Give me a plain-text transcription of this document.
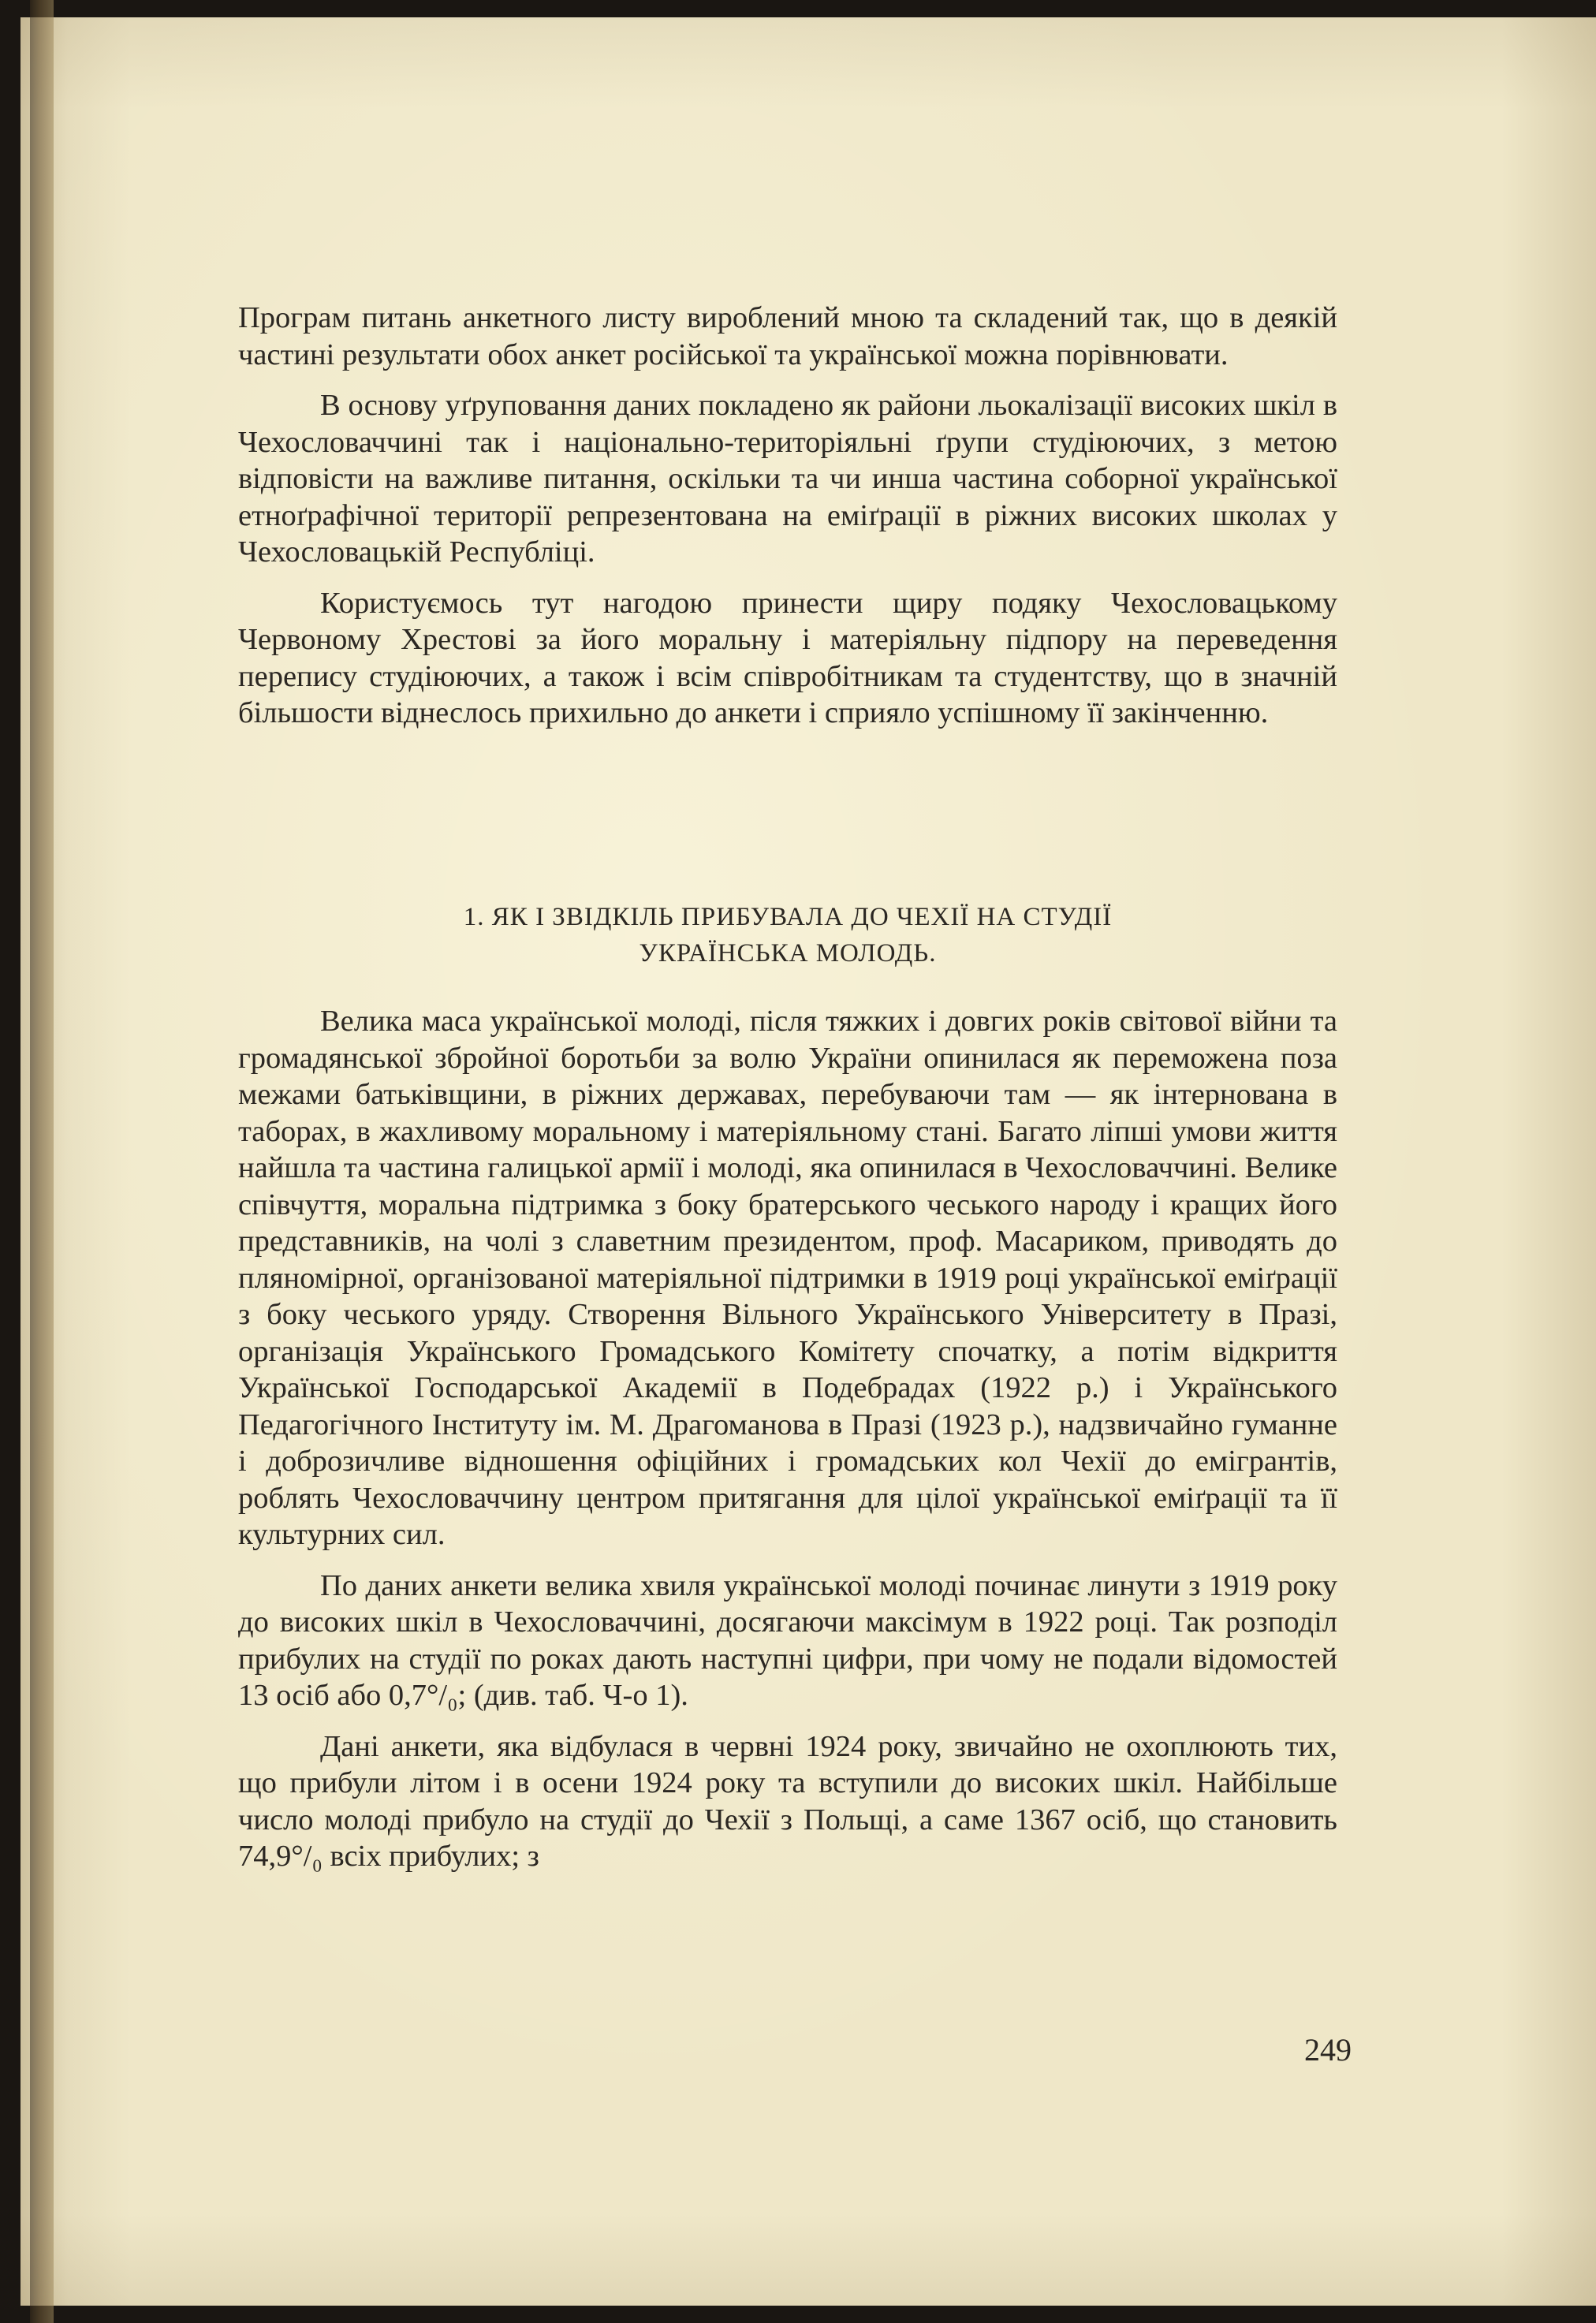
Програм питань анкетного листу вироблений мною та складений так, що в деякій частині результати обох анкет російської та української можна порівнювати.

В основу уґруповання даних покладено як райони льокалізації високих шкіл в Чехословаччині так і національно-територіяльні ґрупи студіюючих, з метою відповісти на важливе питання, оскільки та чи инша частина соборної української етноґрафічної території репрезентована на еміґрації в ріжних високих школах у Чехословацькій Республіці.

Користуємось тут нагодою принести щиру подяку Чехословацькому Червоному Хрестові за його моральну і матеріяльну підпору на переведення перепису студіюючих, а також і всім співробітникам та студентству, що в значній більшости віднеслось прихильно до анкети і сприяло успішному її закінченню.

1. ЯК І ЗВІДКІЛЬ ПРИБУВАЛА ДО ЧЕХІЇ НА СТУДІЇ
УКРАЇНСЬКА МОЛОДЬ.

Велика маса української молоді, після тяжких і довгих років світової війни та громадянської збройної боротьби за волю України опинилася як переможена поза межами батьківщини, в ріжних державах, перебуваючи там — як інтернована в таборах, в жахливому моральному і матеріяльному стані. Багато ліпші умови життя найшла та частина галицької армії і молоді, яка опинилася в Чехословаччині. Велике співчуття, моральна підтримка з боку братерського чеського народу і кращих його представників, на чолі з славетним президентом, проф. Масариком, приводять до пляномірної, організованої матеріяльної підтримки в 1919 році української еміґрації з боку чеського уряду. Створення Вільного Українського Університету в Празі, організація Українського Громадського Комітету спочатку, а потім відкриття Української Господарської Академії в Подебрадах (1922 р.) і Українського Педагогічного Інституту ім. М. Драгоманова в Празі (1923 р.), надзвичайно гуманне і доброзичливе відношення офіційних і громадських кол Чехії до емігрантів, роблять Чехословаччину центром притягання для цілої української еміґрації та її культурних сил.

По даних анкети велика хвиля української молоді починає линути з 1919 року до високих шкіл в Чехословаччині, досягаючи максімум в 1922 році. Так розподіл прибулих на студії по роках дають наступні цифри, при чому не подали відомостей 13 осіб або 0,7°/₀; (див. таб. Ч-о 1).

Дані анкети, яка відбулася в червні 1924 року, звичайно не охоплюють тих, що прибули літом і в осени 1924 року та вступили до високих шкіл. Найбільше число молоді прибуло на студії до Чехії з Польщі, а саме 1367 осіб, що становить 74,9°/₀ всіх прибулих; з

249
